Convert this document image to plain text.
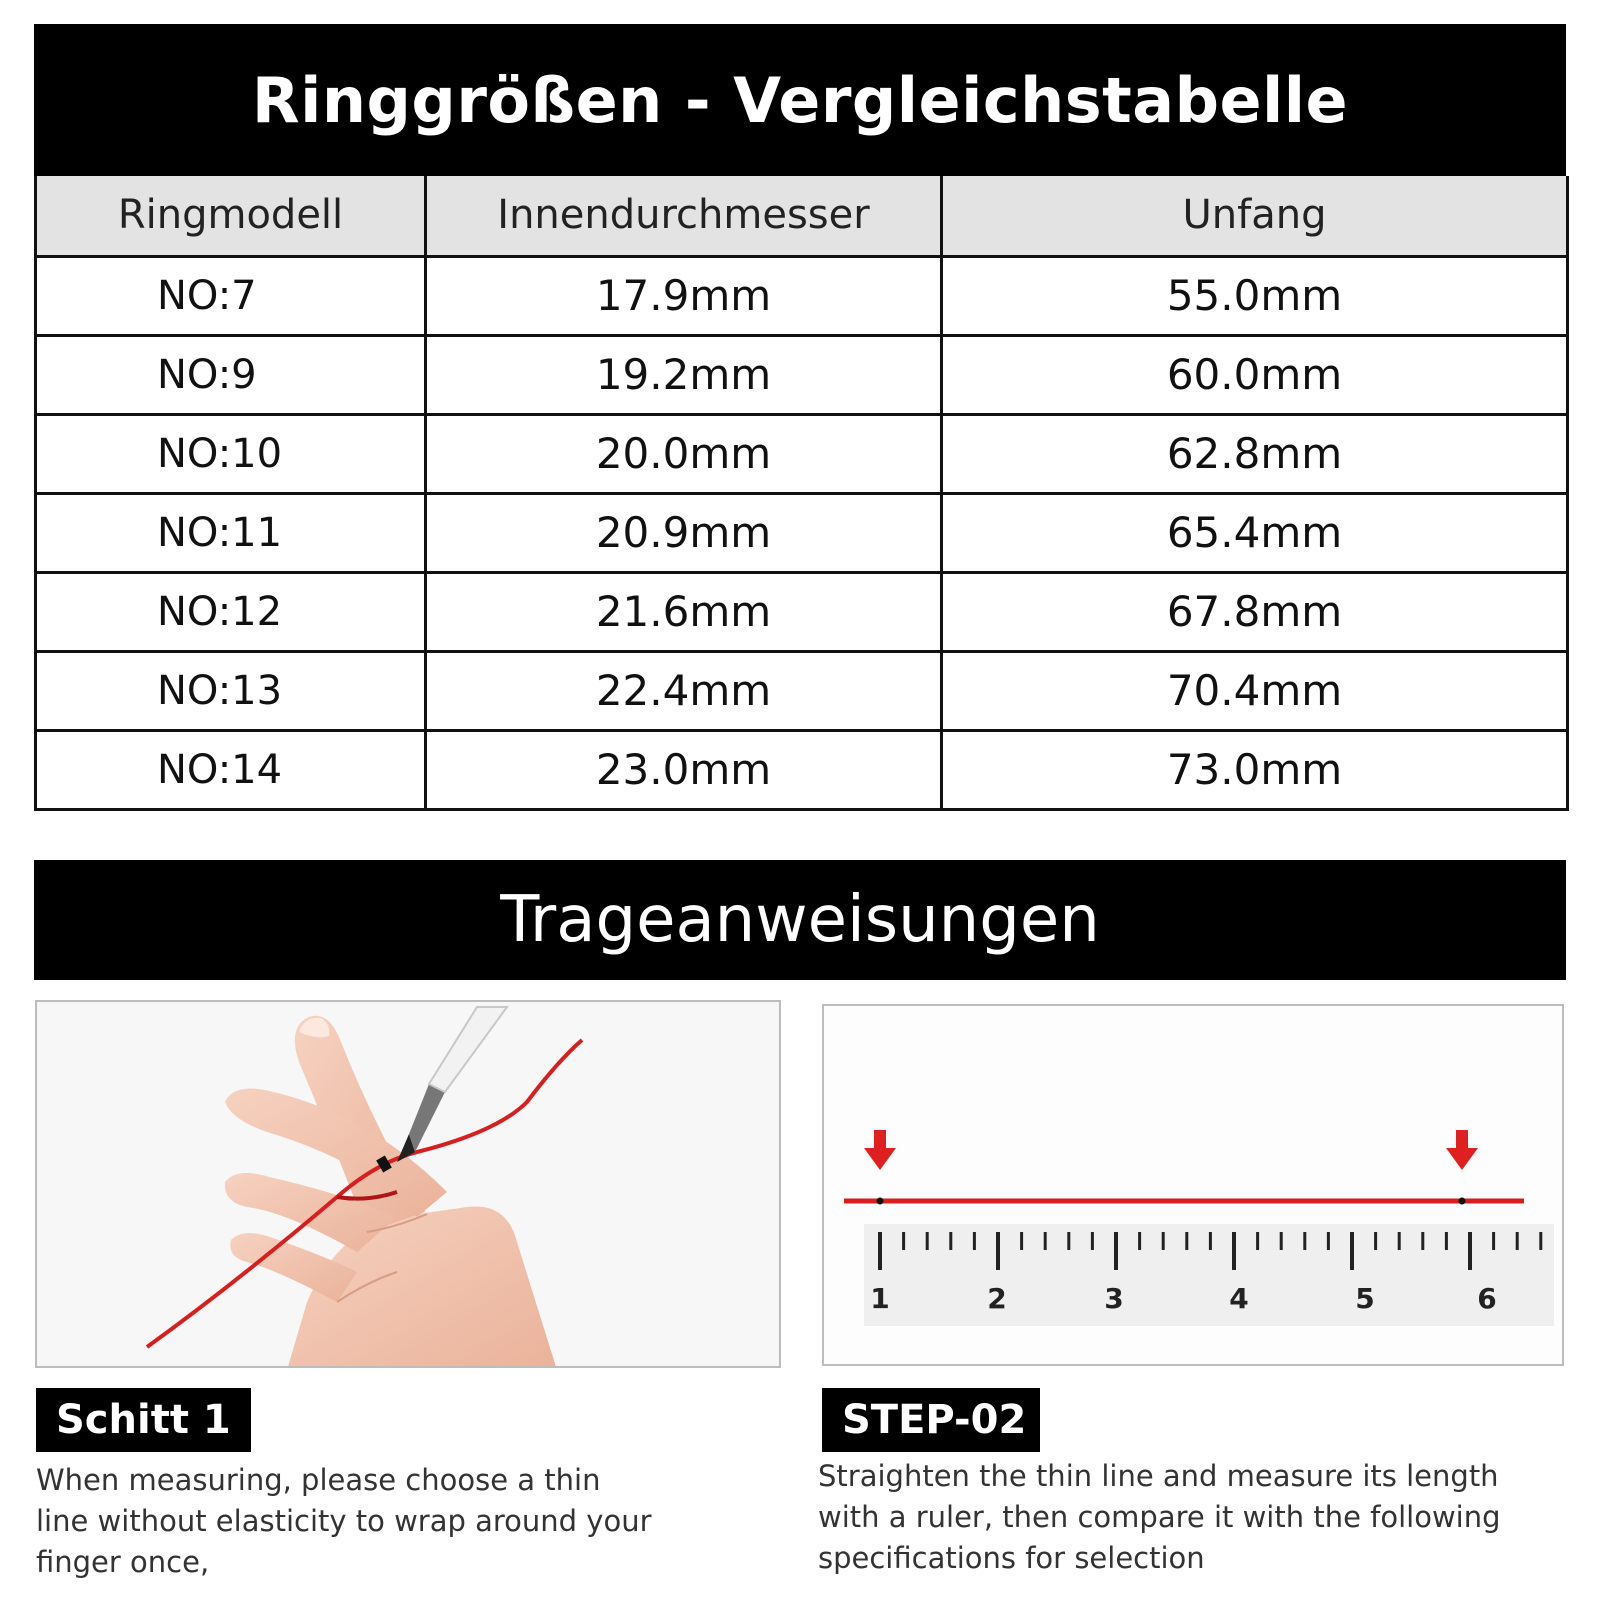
Ringgrößen - Vergleichstabelle
Ringmodell	Innendurchmesser	Unfang
NO:7	17.9mm	55.0mm
NO:9	19.2mm	60.0mm
NO:10	20.0mm	62.8mm
NO:11	20.9mm	65.4mm
NO:12	21.6mm	67.8mm
NO:13	22.4mm	70.4mm
NO:14	23.0mm	73.0mm
Trageanweisungen
1	2	3	4	5	6
Schitt 1
When measuring, please choose a thin
line without elasticity to wrap around your
finger once,
STEP-02
Straighten the thin line and measure its length
with a ruler, then compare it with the following
specifications for selection
